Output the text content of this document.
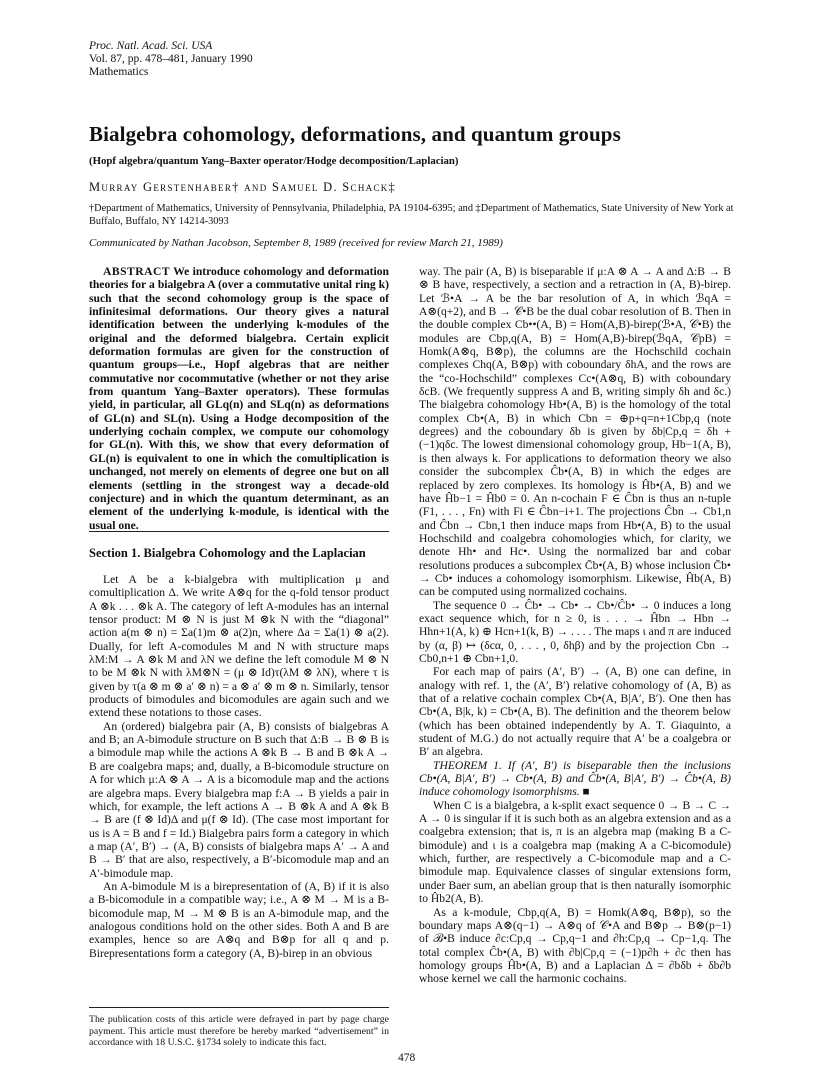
Proc. Natl. Acad. Sci. USA
Vol. 87, pp. 478–481, January 1990
Mathematics
Bialgebra cohomology, deformations, and quantum groups
(Hopf algebra/quantum Yang–Baxter operator/Hodge decomposition/Laplacian)
Murray Gerstenhaber† and Samuel D. Schack‡
†Department of Mathematics, University of Pennsylvania, Philadelphia, PA 19104-6395; and ‡Department of Mathematics, State University of New York at Buffalo, Buffalo, NY 14214-3093
Communicated by Nathan Jacobson, September 8, 1989 (received for review March 21, 1989)

ABSTRACT We introduce cohomology and deformation theories for a bialgebra A (over a commutative unital ring k) such that the second cohomology group is the space of infinitesimal deformations. Our theory gives a natural identification between the underlying k-modules of the original and the deformed bialgebra. Certain explicit deformation formulas are given for the construction of quantum groups—i.e., Hopf algebras that are neither commutative nor cocommutative (whether or not they arise from quantum Yang–Baxter operators). These formulas yield, in particular, all GLq(n) and SLq(n) as deformations of GL(n) and SL(n). Using a Hodge decomposition of the underlying cochain complex, we compute our cohomology for GL(n). With this, we show that every deformation of GL(n) is equivalent to one in which the comultiplication is unchanged, not merely on elements of degree one but on all elements (settling in the strongest way a decade-old conjecture) and in which the quantum determinant, as an element of the underlying k-module, is identical with the usual one.

Section 1. Bialgebra Cohomology and the Laplacian

Let A be a k-bialgebra with multiplication μ and comultiplication Δ. We write A⊗q for the q-fold tensor product A ⊗k . . . ⊗k A. The category of left A-modules has an internal tensor product: M ⊗ N is just M ⊗k N with the “diagonal” action a(m ⊗ n) = Σa(1)m ⊗ a(2)n, where Δa = Σa(1) ⊗ a(2). Dually, for left A-comodules M and N with structure maps λM:M → A ⊗k M and λN we define the left comodule M ⊗ N to be M ⊗k N with λM⊗N = (μ ⊗ Id)τ(λM ⊗ λN), where τ is given by τ(a ⊗ m ⊗ a′ ⊗ n) = a ⊗ a′ ⊗ m ⊗ n. Similarly, tensor products of bimodules and bicomodules are again such and we extend these notations to those cases.

An (ordered) bialgebra pair (A, B) consists of bialgebras A and B; an A-bimodule structure on B such that Δ:B → B ⊗ B is a bimodule map while the actions A ⊗k B → B and B ⊗k A → B are coalgebra maps; and, dually, a B-bicomodule structure on A for which μ:A ⊗ A → A is a bicomodule map and the actions are algebra maps. Every bialgebra map f:A → B yields a pair in which, for example, the left actions A → B ⊗k A and A ⊗k B → B are (f ⊗ Id)Δ and μ(f ⊗ Id). (The case most important for us is A = B and f = Id.) Bialgebra pairs form a category in which a map (A′, B′) → (A, B) consists of bialgebra maps A′ → A and B → B′ that are also, respectively, a B′-bicomodule map and an A′-bimodule map.

An A-bimodule M is a birepresentation of (A, B) if it is also a B-bicomodule in a compatible way; i.e., A ⊗ M → M is a B-bicomodule map, M → M ⊗ B is an A-bimodule map, and the analogous conditions hold on the other sides. Both A and B are examples, hence so are A⊗q and B⊗p for all q and p. Birepresentations form a category (A, B)-birep in an obvious

way. The pair (A, B) is biseparable if μ:A ⊗ A → A and Δ:B → B ⊗ B have, respectively, a section and a retraction in (A, B)-birep. Let ℬ•A → A be the bar resolution of A, in which ℬqA = A⊗(q+2), and B → 𝒞•B be the dual cobar resolution of B. Then in the double complex Cb••(A, B) = Hom(A,B)-birep(ℬ•A, 𝒞•B) the modules are Cbp,q(A, B) = Hom(A,B)-birep(ℬqA, 𝒞pB) = Homk(A⊗q, B⊗p), the columns are the Hochschild cochain complexes Chq(A, B⊗p) with coboundary δhA, and the rows are the “co-Hochschild” complexes Cc•(A⊗q, B) with coboundary δcB. (We frequently suppress A and B, writing simply δh and δc.) The bialgebra cohomology Hb•(A, B) is the homology of the total complex Cb•(A, B) in which Cbn = ⊕p+q=n+1Cbp,q (note degrees) and the coboundary δb is given by δb|Cp,q = δh + (−1)qδc. The lowest dimensional cohomology group, Hb−1(A, B), is then always k. For applications to deformation theory we also consider the subcomplex Ĉb•(A, B) in which the edges are replaced by zero complexes. Its homology is Ĥb•(A, B) and we have Ĥb−1 = Ĥb0 = 0. An n-cochain F ∈ Ĉbn is thus an n-tuple (F1, . . . , Fn) with Fi ∈ Ĉbn−i+1. The projections Ĉbn → Cb1,n and Ĉbn → Cbn,1 then induce maps from Hb•(A, B) to the usual Hochschild and coalgebra cohomologies which, for clarity, we denote Hh• and Hc•. Using the normalized bar and cobar resolutions produces a subcomplex C̄b•(A, B) whose inclusion C̄b• → Cb• induces a cohomology isomorphism. Likewise, Ĥb(A, B) can be computed using normalized cochains.

The sequence 0 → Ĉb• → Cb• → Cb•/Ĉb• → 0 induces a long exact sequence which, for n ≥ 0, is . . . → Ĥbn → Hbn → Hhn+1(A, k) ⊕ Hcn+1(k, B) → . . . . The maps ι and π are induced by (α, β) ↦ (δcα, 0, . . . , 0, δhβ) and by the projection Cbn → Cb0,n+1 ⊕ Cbn+1,0.

For each map of pairs (A′, B′) → (A, B) one can define, in analogy with ref. 1, the (A′, B′) relative cohomology of (A, B) as that of a relative cochain complex Cb•(A, B|A′, B′). One then has Cb•(A, B|k, k) = Cb•(A, B). The definition and the theorem below (which has been obtained independently by A. T. Giaquinto, a student of M.G.) do not actually require that A′ be a coalgebra or B′ an algebra.

THEOREM 1. If (A′, B′) is biseparable then the inclusions Cb•(A, B|A′, B′) → Cb•(A, B) and Ĉb•(A, B|A′, B′) → Ĉb•(A, B) induce cohomology isomorphisms. ■

When C is a bialgebra, a k-split exact sequence 0 → B → C → A → 0 is singular if it is such both as an algebra extension and as a coalgebra extension; that is, π is an algebra map (making B a C-bimodule) and ι is a coalgebra map (making A a C-bicomodule) which, further, are respectively a C-bicomodule map and a C-bimodule map. Equivalence classes of singular extensions form, under Baer sum, an abelian group that is then naturally isomorphic to Ĥb2(A, B).

As a k-module, Cbp,q(A, B) = Homk(A⊗q, B⊗p), so the boundary maps A⊗(q−1) → A⊗q of 𝒞•A and B⊗p → B⊗(p−1) of ℬ•B induce ∂c:Cp,q → Cp,q−1 and ∂h:Cp,q → Cp−1,q. The total complex Ĉb•(A, B) with ∂b|Cp,q = (−1)p∂h + ∂c then has homology groups Ĥb•(A, B) and a Laplacian Δ = ∂bδb + δb∂b whose kernel we call the harmonic cochains.

The publication costs of this article were defrayed in part by page charge payment. This article must therefore be hereby marked “advertisement” in accordance with 18 U.S.C. §1734 solely to indicate this fact.
478
